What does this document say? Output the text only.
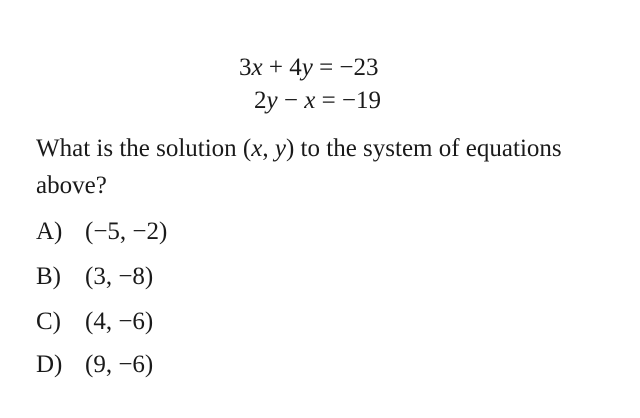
3x + 4y = −23
2y − x = −19
What is the solution (x, y) to the system of equations above?
A) (−5, −2)
B) (3, −8)
C) (4, −6)
D) (9, −6)
